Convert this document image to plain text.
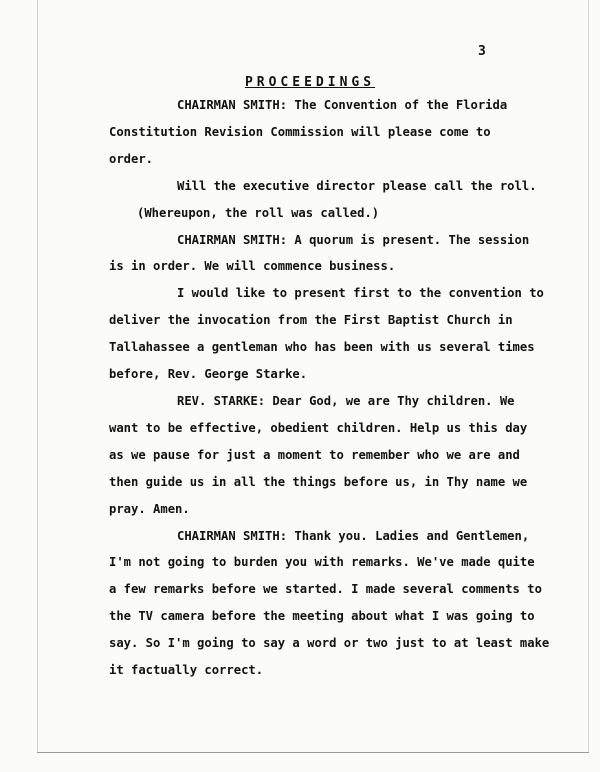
3
PROCEEDINGS

CHAIRMAN SMITH: The Convention of the Florida

Constitution Revision Commission will please come to

order.

Will the executive director please call the roll.

(Whereupon, the roll was called.)

CHAIRMAN SMITH: A quorum is present. The session

is in order. We will commence business.

I would like to present first to the convention to

deliver the invocation from the First Baptist Church in

Tallahassee a gentleman who has been with us several times

before, Rev. George Starke.

REV. STARKE: Dear God, we are Thy children. We

want to be effective, obedient children. Help us this day

as we pause for just a moment to remember who we are and

then guide us in all the things before us, in Thy name we

pray. Amen.

CHAIRMAN SMITH: Thank you. Ladies and Gentlemen,

I'm not going to burden you with remarks. We've made quite

a few remarks before we started. I made several comments to

the TV camera before the meeting about what I was going to

say. So I'm going to say a word or two just to at least make

it factually correct.
